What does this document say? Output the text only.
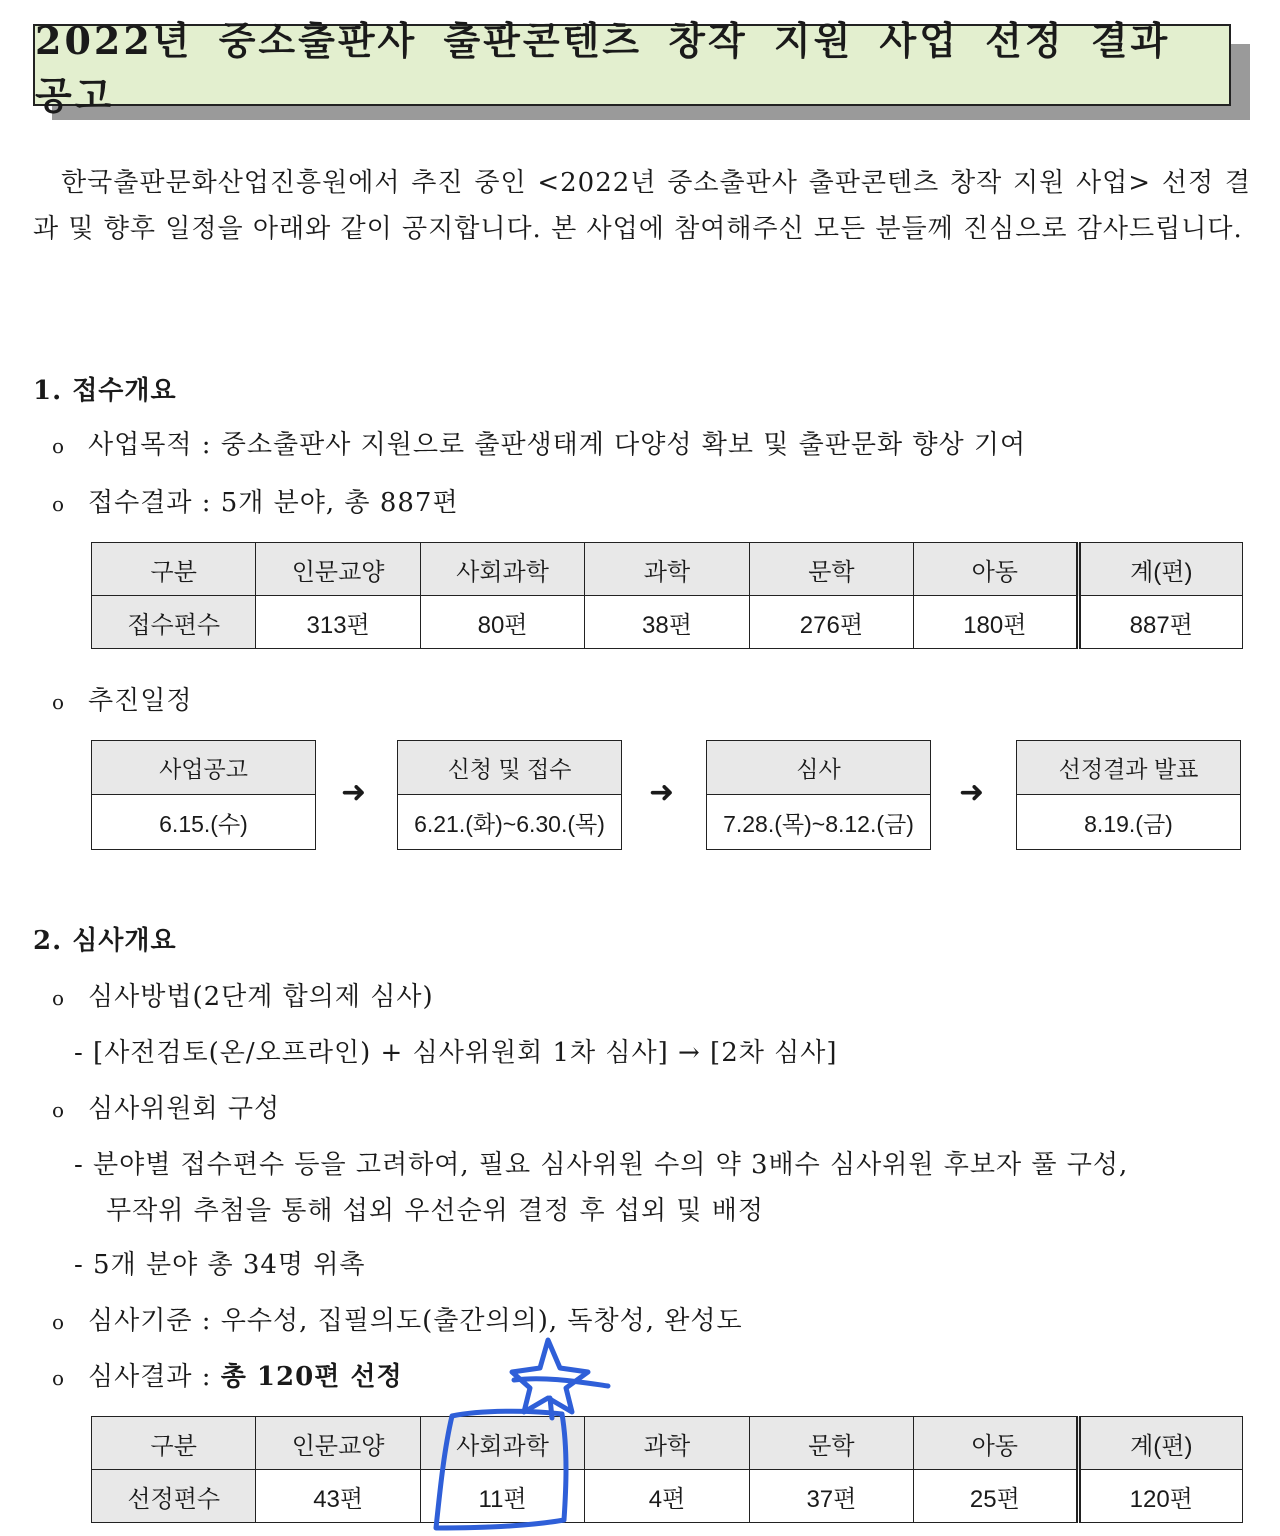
2022년 중소출판사 출판콘텐츠 창작 지원 사업 선정 결과 공고
한국출판문화산업진흥원에서 추진 중인 <2022년 중소출판사 출판콘텐츠 창작 지원 사업> 선정 결과 및 향후 일정을 아래와 같이 공지합니다. 본 사업에 참여해주신 모든 분들께 진심으로 감사드립니다.
1. 접수개요
o 사업목적 : 중소출판사 지원으로 출판생태계 다양성 확보 및 출판문화 향상 기여
o 접수결과 : 5개 분야, 총 887편
구분	인문교양	사회과학	과학	문학	아동	계(편)
접수편수	313편	80편	38편	276편	180편	887편
o 추진일정
사업공고
6.15.(수)
➜
신청 및 접수
6.21.(화)~6.30.(목)
➜
심사
7.28.(목)~8.12.(금)
➜
선정결과 발표
8.19.(금)
2. 심사개요
o 심사방법(2단계 합의제 심사)
- [사전검토(온/오프라인) + 심사위원회 1차 심사] → [2차 심사]
o 심사위원회 구성
- 분야별 접수편수 등을 고려하여, 필요 심사위원 수의 약 3배수 심사위원 후보자 풀 구성,
무작위 추첨을 통해 섭외 우선순위 결정 후 섭외 및 배정
- 5개 분야 총 34명 위촉
o 심사기준 : 우수성, 집필의도(출간의의), 독창성, 완성도
o 심사결과 : 총 120편 선정
구분	인문교양	사회과학	과학	문학	아동	계(편)
선정편수	43편	11편	4편	37편	25편	120편
